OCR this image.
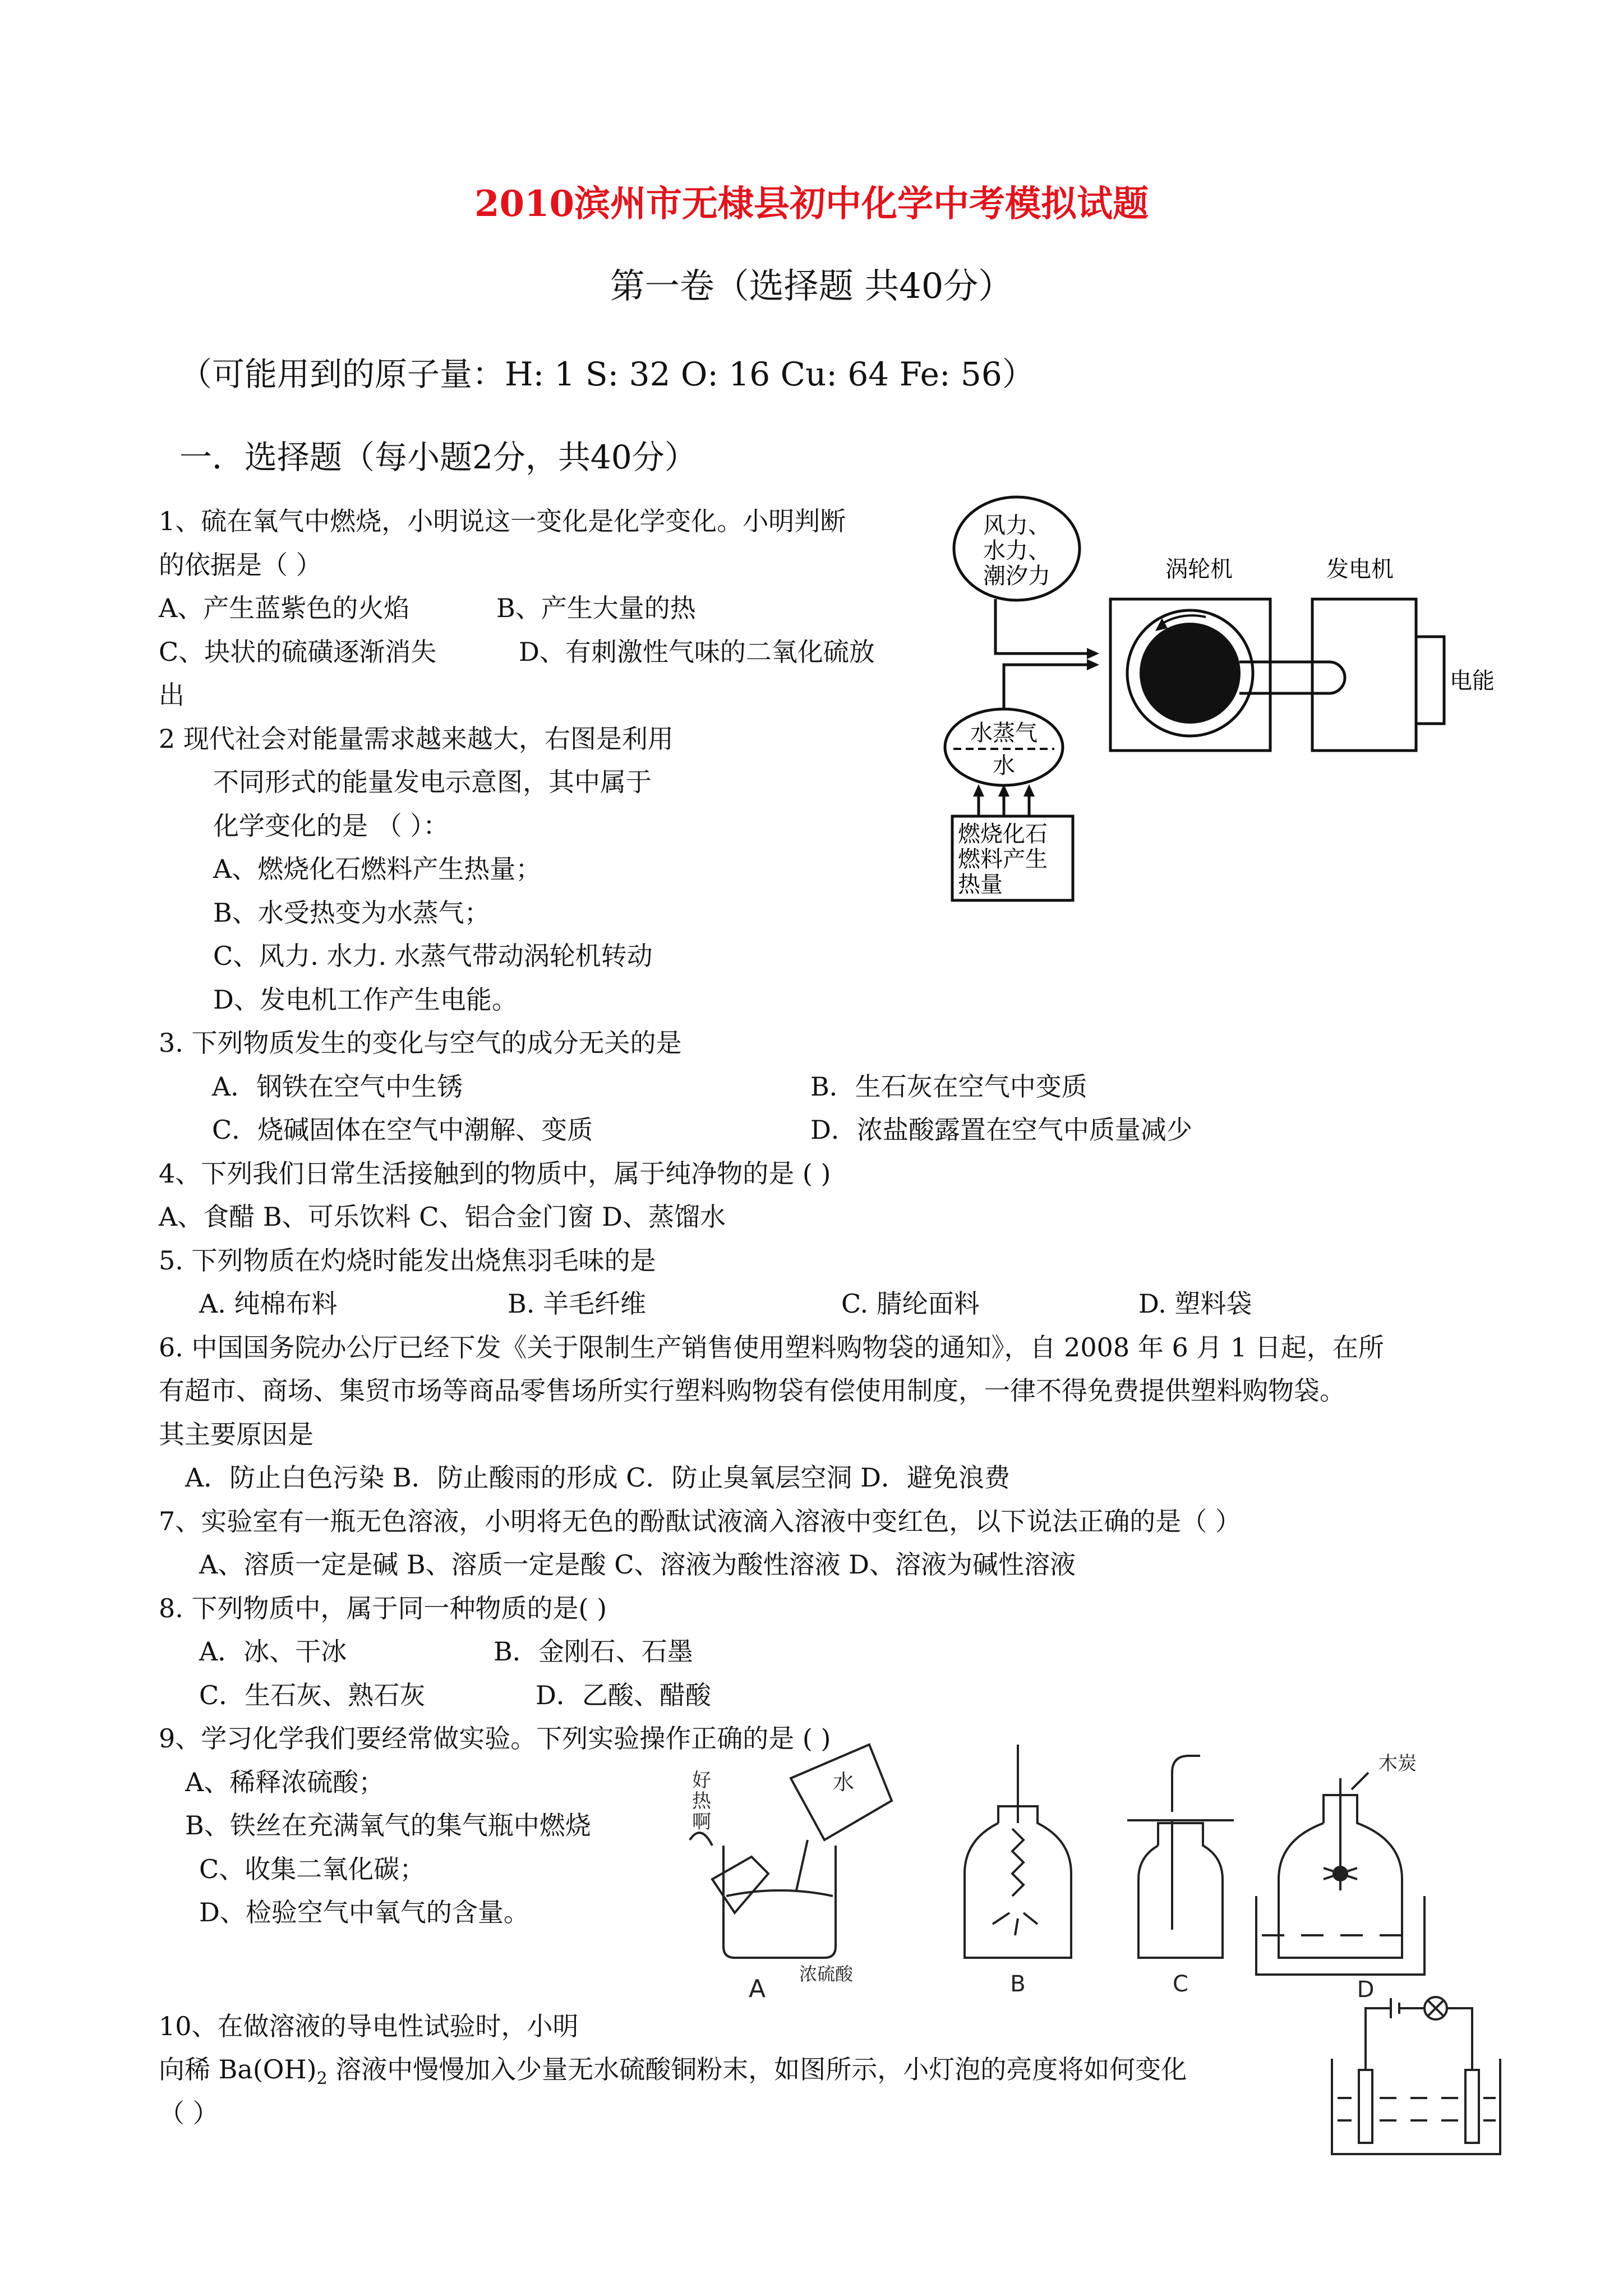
2010滨州市无棣县初中化学中考模拟试题
第一卷（选择题 共40分）
（可能用到的原子量：H: 1 S: 32 O: 16 Cu: 64 Fe: 56）
一．选择题（每小题2分，共40分）
1、硫在氧气中燃烧，小明说这一变化是化学变化。小明判断
的依据是（ ）
A、产生蓝紫色的火焰	B、产生大量的热
C、块状的硫磺逐渐消失	D、有刺激性气味的二氧化硫放
出
2 现代社会对能量需求越来越大，右图是利用
不同形式的能量发电示意图，其中属于
化学变化的是 （ ）：
A、燃烧化石燃料产生热量；
B、水受热变为水蒸气；
C、风力. 水力. 水蒸气带动涡轮机转动
D、发电机工作产生电能。
风力、
水力、
潮汐力	涡轮机	发电机
电能
水蒸气
水
燃烧化石
燃料产生
热量
3. 下列物质发生的变化与空气的成分无关的是
A．钢铁在空气中生锈	B．生石灰在空气中变质
C．烧碱固体在空气中潮解、变质	D．浓盐酸露置在空气中质量减少
4、下列我们日常生活接触到的物质中，属于纯净物的是 ( )
A、食醋 B、可乐饮料 C、铝合金门窗 D、蒸馏水
5. 下列物质在灼烧时能发出烧焦羽毛味的是
A. 纯棉布料	B. 羊毛纤维	C. 腈纶面料	D. 塑料袋
6. 中国国务院办公厅已经下发《关于限制生产销售使用塑料购物袋的通知》，自 2008 年 6 月 1 日起，在所
有超市、商场、集贸市场等商品零售场所实行塑料购物袋有偿使用制度，一律不得免费提供塑料购物袋。
其主要原因是
A．防止白色污染 B．防止酸雨的形成 C．防止臭氧层空洞 D．避免浪费
7、实验室有一瓶无色溶液，小明将无色的酚酞试液滴入溶液中变红色，以下说法正确的是（ ）
A、溶质一定是碱 B、溶质一定是酸 C、溶液为酸性溶液 D、溶液为碱性溶液
8. 下列物质中，属于同一种物质的是( )
A．冰、干冰	B．金刚石、石墨
C．生石灰、熟石灰	D．乙酸、醋酸
9、学习化学我们要经常做实验。下列实验操作正确的是 ( )
A、稀释浓硫酸；
B、铁丝在充满氧气的集气瓶中燃烧
C、收集二氧化碳；
D、检验空气中氧气的含量。
好
热
啊
水
浓硫酸
木炭
A	B	C	D
10、在做溶液的导电性试验时，小明
向稀 $Ba(OH)_2$ 溶液中慢慢加入少量无水硫酸铜粉末，如图所示，小灯泡的亮度将如何变化
（ ）
